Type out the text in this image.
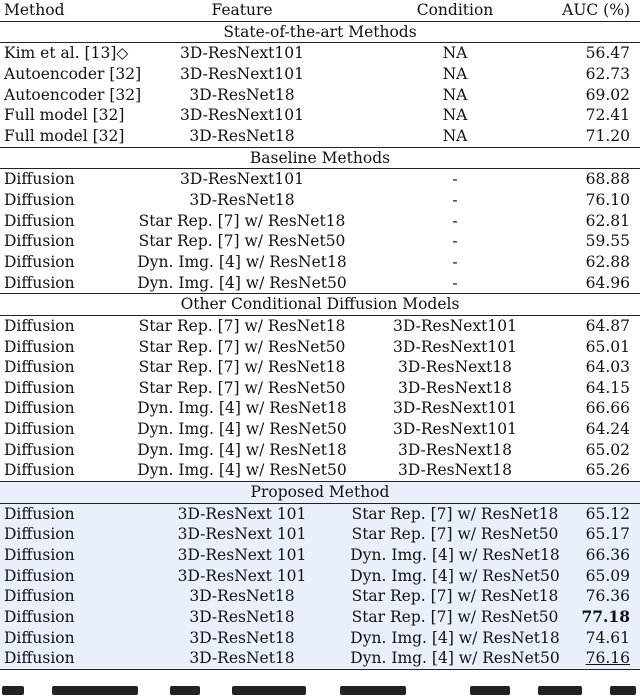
Method	Feature	Condition	AUC (%)
State-of-the-art Methods
Kim et al. [13]◇	3D-ResNext101	NA	56.47
Autoencoder [32]	3D-ResNext101	NA	62.73
Autoencoder [32]	3D-ResNet18	NA	69.02
Full model [32]	3D-ResNext101	NA	72.41
Full model [32]	3D-ResNet18	NA	71.20
Baseline Methods
Diffusion	3D-ResNext101	-	68.88
Diffusion	3D-ResNet18	-	76.10
Diffusion	Star Rep. [7] w/ ResNet18	-	62.81
Diffusion	Star Rep. [7] w/ ResNet50	-	59.55
Diffusion	Dyn. Img. [4] w/ ResNet18	-	62.88
Diffusion	Dyn. Img. [4] w/ ResNet50	-	64.96
Other Conditional Diffusion Models
Diffusion	Star Rep. [7] w/ ResNet18	3D-ResNext101	64.87
Diffusion	Star Rep. [7] w/ ResNet50	3D-ResNext101	65.01
Diffusion	Star Rep. [7] w/ ResNet18	3D-ResNext18	64.03
Diffusion	Star Rep. [7] w/ ResNet50	3D-ResNext18	64.15
Diffusion	Dyn. Img. [4] w/ ResNet18	3D-ResNext101	66.66
Diffusion	Dyn. Img. [4] w/ ResNet50	3D-ResNext101	64.24
Diffusion	Dyn. Img. [4] w/ ResNet18	3D-ResNext18	65.02
Diffusion	Dyn. Img. [4] w/ ResNet50	3D-ResNext18	65.26
Proposed Method
Diffusion	3D-ResNext 101	Star Rep. [7] w/ ResNet18 65.12
Diffusion	3D-ResNext 101	Star Rep. [7] w/ ResNet50 65.17
Diffusion	3D-ResNext 101	Dyn. Img. [4] w/ ResNet18 66.36
Diffusion	3D-ResNext 101	Dyn. Img. [4] w/ ResNet50 65.09
Diffusion	3D-ResNet18	Star Rep. [7] w/ ResNet18 76.36
Diffusion	3D-ResNet18	Star Rep. [7] w/ ResNet50 77.18
Diffusion	3D-ResNet18	Dyn. Img. [4] w/ ResNet18 74.61
Diffusion	3D-ResNet18	Dyn. Img. [4] w/ ResNet50 76.16
